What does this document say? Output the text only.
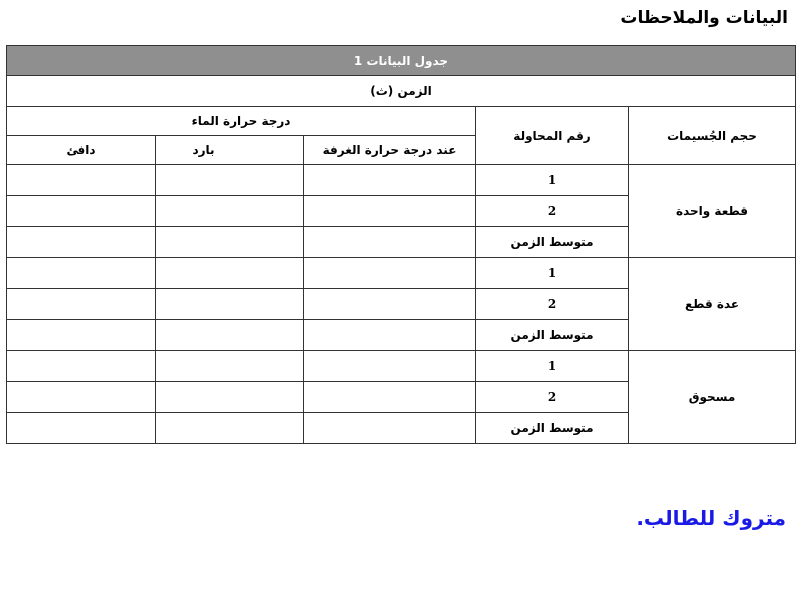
البيانات والملاحظات
جدول البيانات 1				
الزمن (ث)				
حجم الجُسيمات	رقم المحاولة	درجة حرارة الماء		
		عند درجة حرارة الغرفة	بارد	دافئ
قطعة واحدة	1			
	2			
	متوسط الزمن			
عدة قطع	1			
	2			
	متوسط الزمن			
مسحوق	1			
	2			
	متوسط الزمن			
متروك للطالب.
